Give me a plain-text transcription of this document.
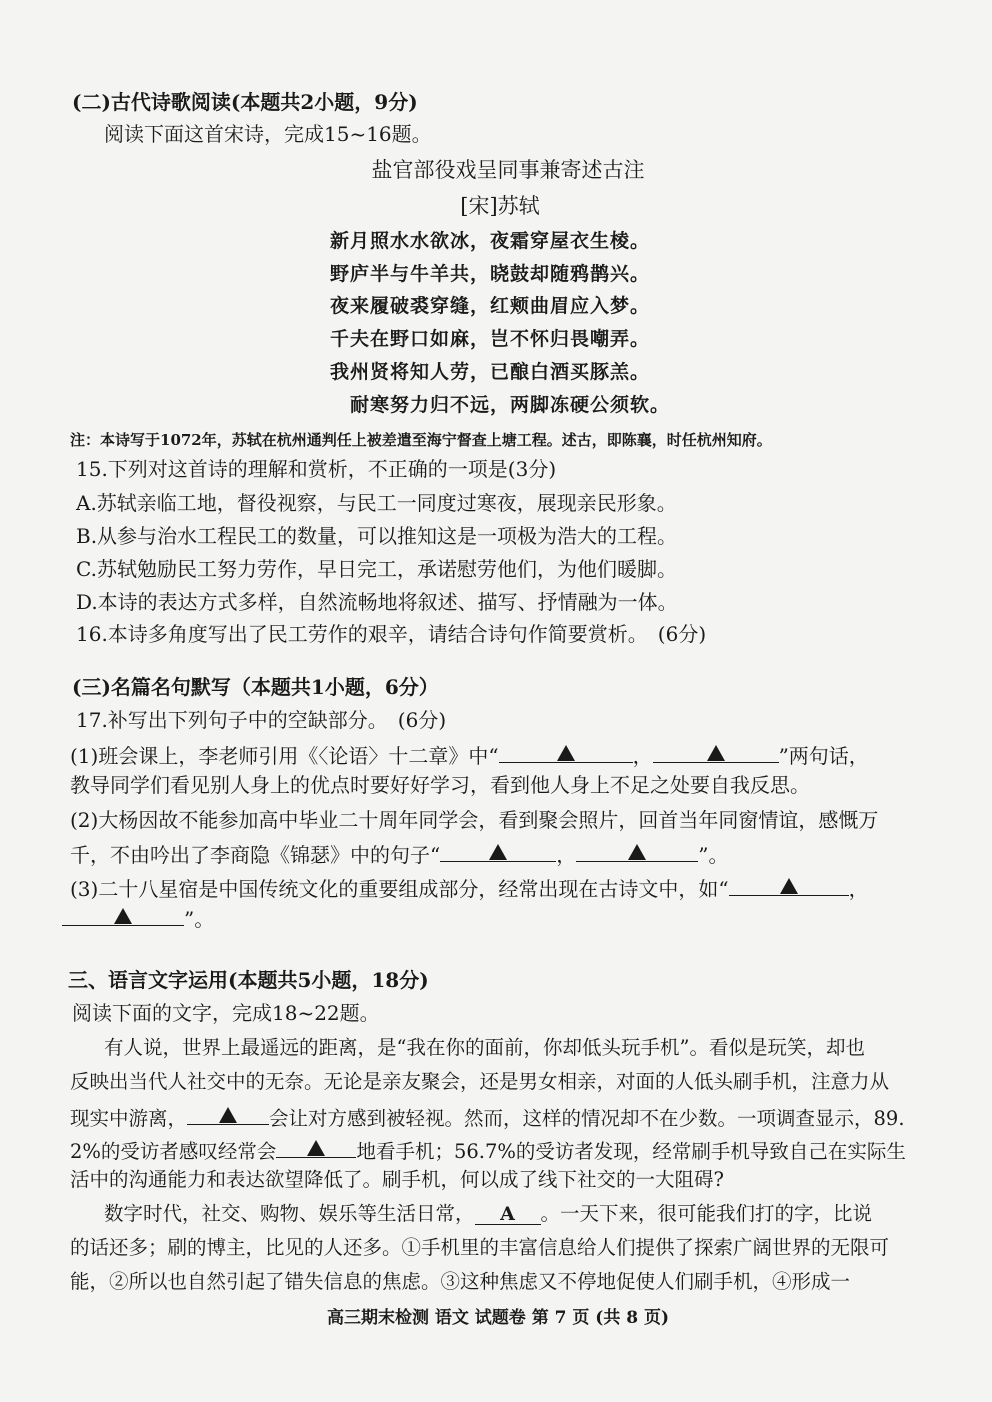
(二)古代诗歌阅读(本题共2小题，9分)
阅读下面这首宋诗，完成15~16题。
盐官部役戏呈同事兼寄述古注
[宋]苏轼
新月照水水欲冰，夜霜穿屋衣生棱。
野庐半与牛羊共，晓鼓却随鸦鹊兴。
夜来履破裘穿缝，红颊曲眉应入梦。
千夫在野口如麻，岂不怀归畏嘲弄。
我州贤将知人劳，已酿白酒买豚羔。
耐寒努力归不远，两脚冻硬公须软。
注：本诗写于1072年，苏轼在杭州通判任上被差遣至海宁督查上塘工程。述古，即陈襄，时任杭州知府。
15.下列对这首诗的理解和赏析，不正确的一项是(3分)
A.苏轼亲临工地，督役视察，与民工一同度过寒夜，展现亲民形象。
B.从参与治水工程民工的数量，可以推知这是一项极为浩大的工程。
C.苏轼勉励民工努力劳作，早日完工，承诺慰劳他们，为他们暖脚。
D.本诗的表达方式多样，自然流畅地将叙述、描写、抒情融为一体。
16.本诗多角度写出了民工劳作的艰辛，请结合诗句作简要赏析。　(6分)
(三)名篇名句默写（本题共1小题，6分）
17.补写出下列句子中的空缺部分。　(6分)
(1)班会课上，李老师引用《〈论语〉十二章》中“	，	”两句话，
教导同学们看见别人身上的优点时要好好学习，看到他人身上不足之处要自我反思。
(2)大杨因故不能参加高中毕业二十周年同学会，看到聚会照片，回首当年同窗情谊，感慨万
千，不由吟出了李商隐《锦瑟》中的句子“	，	”。
(3)二十八星宿是中国传统文化的重要组成部分，经常出现在古诗文中，如“	，
”。
三、语言文字运用(本题共5小题，18分)
阅读下面的文字，完成18~22题。
有人说，世界上最遥远的距离，是“我在你的面前，你却低头玩手机”。看似是玩笑，却也
反映出当代人社交中的无奈。无论是亲友聚会，还是男女相亲，对面的人低头刷手机，注意力从
现实中游离，	会让对方感到被轻视。然而，这样的情况却不在少数。一项调查显示，89.
2%的受访者感叹经常会	地看手机；56.7%的受访者发现，经常刷手机导致自己在实际生
活中的沟通能力和表达欲望降低了。刷手机，何以成了线下社交的一大阻碍?
数字时代，社交、购物、娱乐等生活日常， A 。一天下来，很可能我们打的字，比说
的话还多；刷的博主，比见的人还多。①手机里的丰富信息给人们提供了探索广阔世界的无限可
能，②所以也自然引起了错失信息的焦虑。③这种焦虑又不停地促使人们刷手机，④形成一
高三期末检测 语文 试题卷 第 7 页 (共 8 页)
